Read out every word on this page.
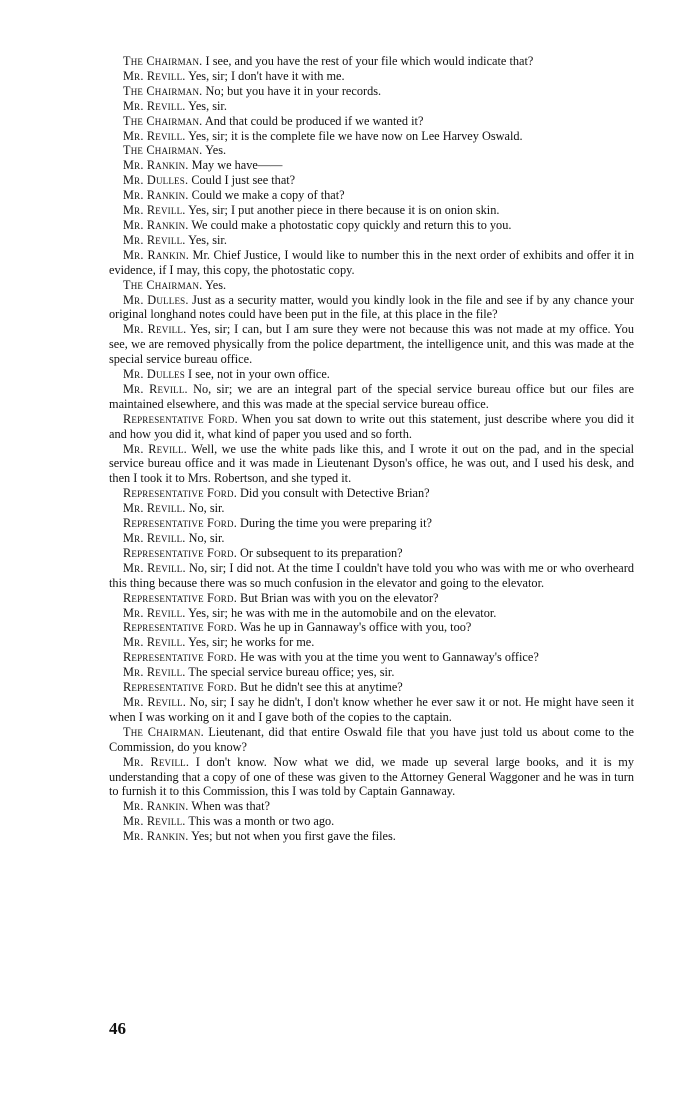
The Chairman. I see, and you have the rest of your file which would indicate that?

Mr. Revill. Yes, sir; I don't have it with me.

The Chairman. No; but you have it in your records.

Mr. Revill. Yes, sir.

The Chairman. And that could be produced if we wanted it?

Mr. Revill. Yes, sir; it is the complete file we have now on Lee Harvey Oswald.

The Chairman. Yes.

Mr. Rankin. May we have——

Mr. Dulles. Could I just see that?

Mr. Rankin. Could we make a copy of that?

Mr. Revill. Yes, sir; I put another piece in there because it is on onion skin.

Mr. Rankin. We could make a photostatic copy quickly and return this to you.

Mr. Revill. Yes, sir.

Mr. Rankin. Mr. Chief Justice, I would like to number this in the next order of exhibits and offer it in evidence, if I may, this copy, the photostatic copy.

The Chairman. Yes.

Mr. Dulles. Just as a security matter, would you kindly look in the file and see if by any chance your original longhand notes could have been put in the file, at this place in the file?

Mr. Revill. Yes, sir; I can, but I am sure they were not because this was not made at my office. You see, we are removed physically from the police department, the intelligence unit, and this was made at the special service bureau office.

Mr. Dulles I see, not in your own office.

Mr. Revill. No, sir; we are an integral part of the special service bureau office but our files are maintained elsewhere, and this was made at the special service bureau office.

Representative Ford. When you sat down to write out this statement, just describe where you did it and how you did it, what kind of paper you used and so forth.

Mr. Revill. Well, we use the white pads like this, and I wrote it out on the pad, and in the special service bureau office and it was made in Lieutenant Dyson's office, he was out, and I used his desk, and then I took it to Mrs. Robertson, and she typed it.

Representative Ford. Did you consult with Detective Brian?

Mr. Revill. No, sir.

Representative Ford. During the time you were preparing it?

Mr. Revill. No, sir.

Representative Ford. Or subsequent to its preparation?

Mr. Revill. No, sir; I did not. At the time I couldn't have told you who was with me or who overheard this thing because there was so much confusion in the elevator and going to the elevator.

Representative Ford. But Brian was with you on the elevator?

Mr. Revill. Yes, sir; he was with me in the automobile and on the elevator.

Representative Ford. Was he up in Gannaway's office with you, too?

Mr. Revill. Yes, sir; he works for me.

Representative Ford. He was with you at the time you went to Gannaway's office?

Mr. Revill. The special service bureau office; yes, sir.

Representative Ford. But he didn't see this at anytime?

Mr. Revill. No, sir; I say he didn't, I don't know whether he ever saw it or not. He might have seen it when I was working on it and I gave both of the copies to the captain.

The Chairman. Lieutenant, did that entire Oswald file that you have just told us about come to the Commission, do you know?

Mr. Revill. I don't know. Now what we did, we made up several large books, and it is my understanding that a copy of one of these was given to the Attorney General Waggoner and he was in turn to furnish it to this Commission, this I was told by Captain Gannaway.

Mr. Rankin. When was that?

Mr. Revill. This was a month or two ago.

Mr. Rankin. Yes; but not when you first gave the files.

46
